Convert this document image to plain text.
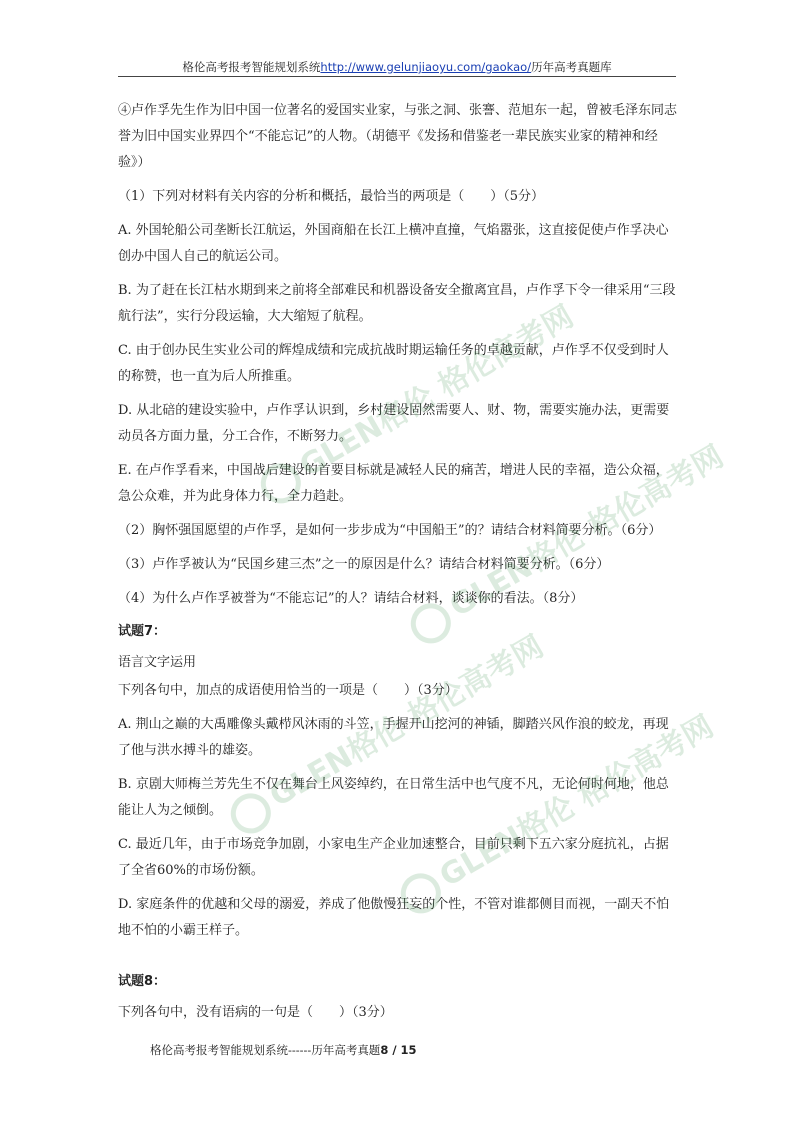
格伦高考报考智能规划系统http://www.gelunjiaoyu.com/gaokao/历年高考真题库

④卢作孚先生作为旧中国一位著名的爱国实业家，与张之洞、张謇、范旭东一起，曾被毛泽东同志誉为旧中国实业界四个“不能忘记”的人物。（胡德平《发扬和借鉴老一辈民族实业家的精神和经验》）

（1）下列对材料有关内容的分析和概括，最恰当的两项是（　　）（5分）

A. 外国轮船公司垄断长江航运，外国商船在长江上横冲直撞，气焰嚣张，这直接促使卢作孚决心创办中国人自己的航运公司。

B. 为了赶在长江枯水期到来之前将全部难民和机器设备安全撤离宜昌，卢作孚下令一律采用“三段航行法”，实行分段运输，大大缩短了航程。

C. 由于创办民生实业公司的辉煌成绩和完成抗战时期运输任务的卓越贡献，卢作孚不仅受到时人的称赞，也一直为后人所推重。

D. 从北碚的建设实验中，卢作孚认识到，乡村建设固然需要人、财、物，需要实施办法，更需要动员各方面力量，分工合作，不断努力。

E. 在卢作孚看来，中国战后建设的首要目标就是减轻人民的痛苦，增进人民的幸福，造公众福，急公众难，并为此身体力行，全力趋赴。

（2）胸怀强国愿望的卢作孚，是如何一步步成为“中国船王”的？请结合材料简要分析。（6分）

（3）卢作孚被认为“民国乡建三杰”之一的原因是什么？请结合材料简要分析。（6分）

（4）为什么卢作孚被誉为“不能忘记”的人？请结合材料，谈谈你的看法。（8分）

试题7：

语言文字运用

下列各句中，加点的成语使用恰当的一项是（　　）（3分）

A. 荆山之巅的大禹雕像头戴栉风沐雨的斗笠，手握开山挖河的神锸，脚踏兴风作浪的蛟龙，再现了他与洪水搏斗的雄姿。

B. 京剧大师梅兰芳先生不仅在舞台上风姿绰约，在日常生活中也气度不凡，无论何时何地，他总能让人为之倾倒。

C. 最近几年，由于市场竞争加剧，小家电生产企业加速整合，目前只剩下五六家分庭抗礼，占据了全省60%的市场份额。

D. 家庭条件的优越和父母的溺爱，养成了他傲慢狂妄的个性，不管对谁都侧目而视，一副天不怕地不怕的小霸王样子。

试题8：

下列各句中，没有语病的一句是（　　）（3分）

格伦高考报考智能规划系统------历年高考真题8 / 15
GLEN格伦 格伦高考网
GLEN格伦 格伦高考网
GLEN格伦 格伦高考网
GLEN格伦 格伦高考网
